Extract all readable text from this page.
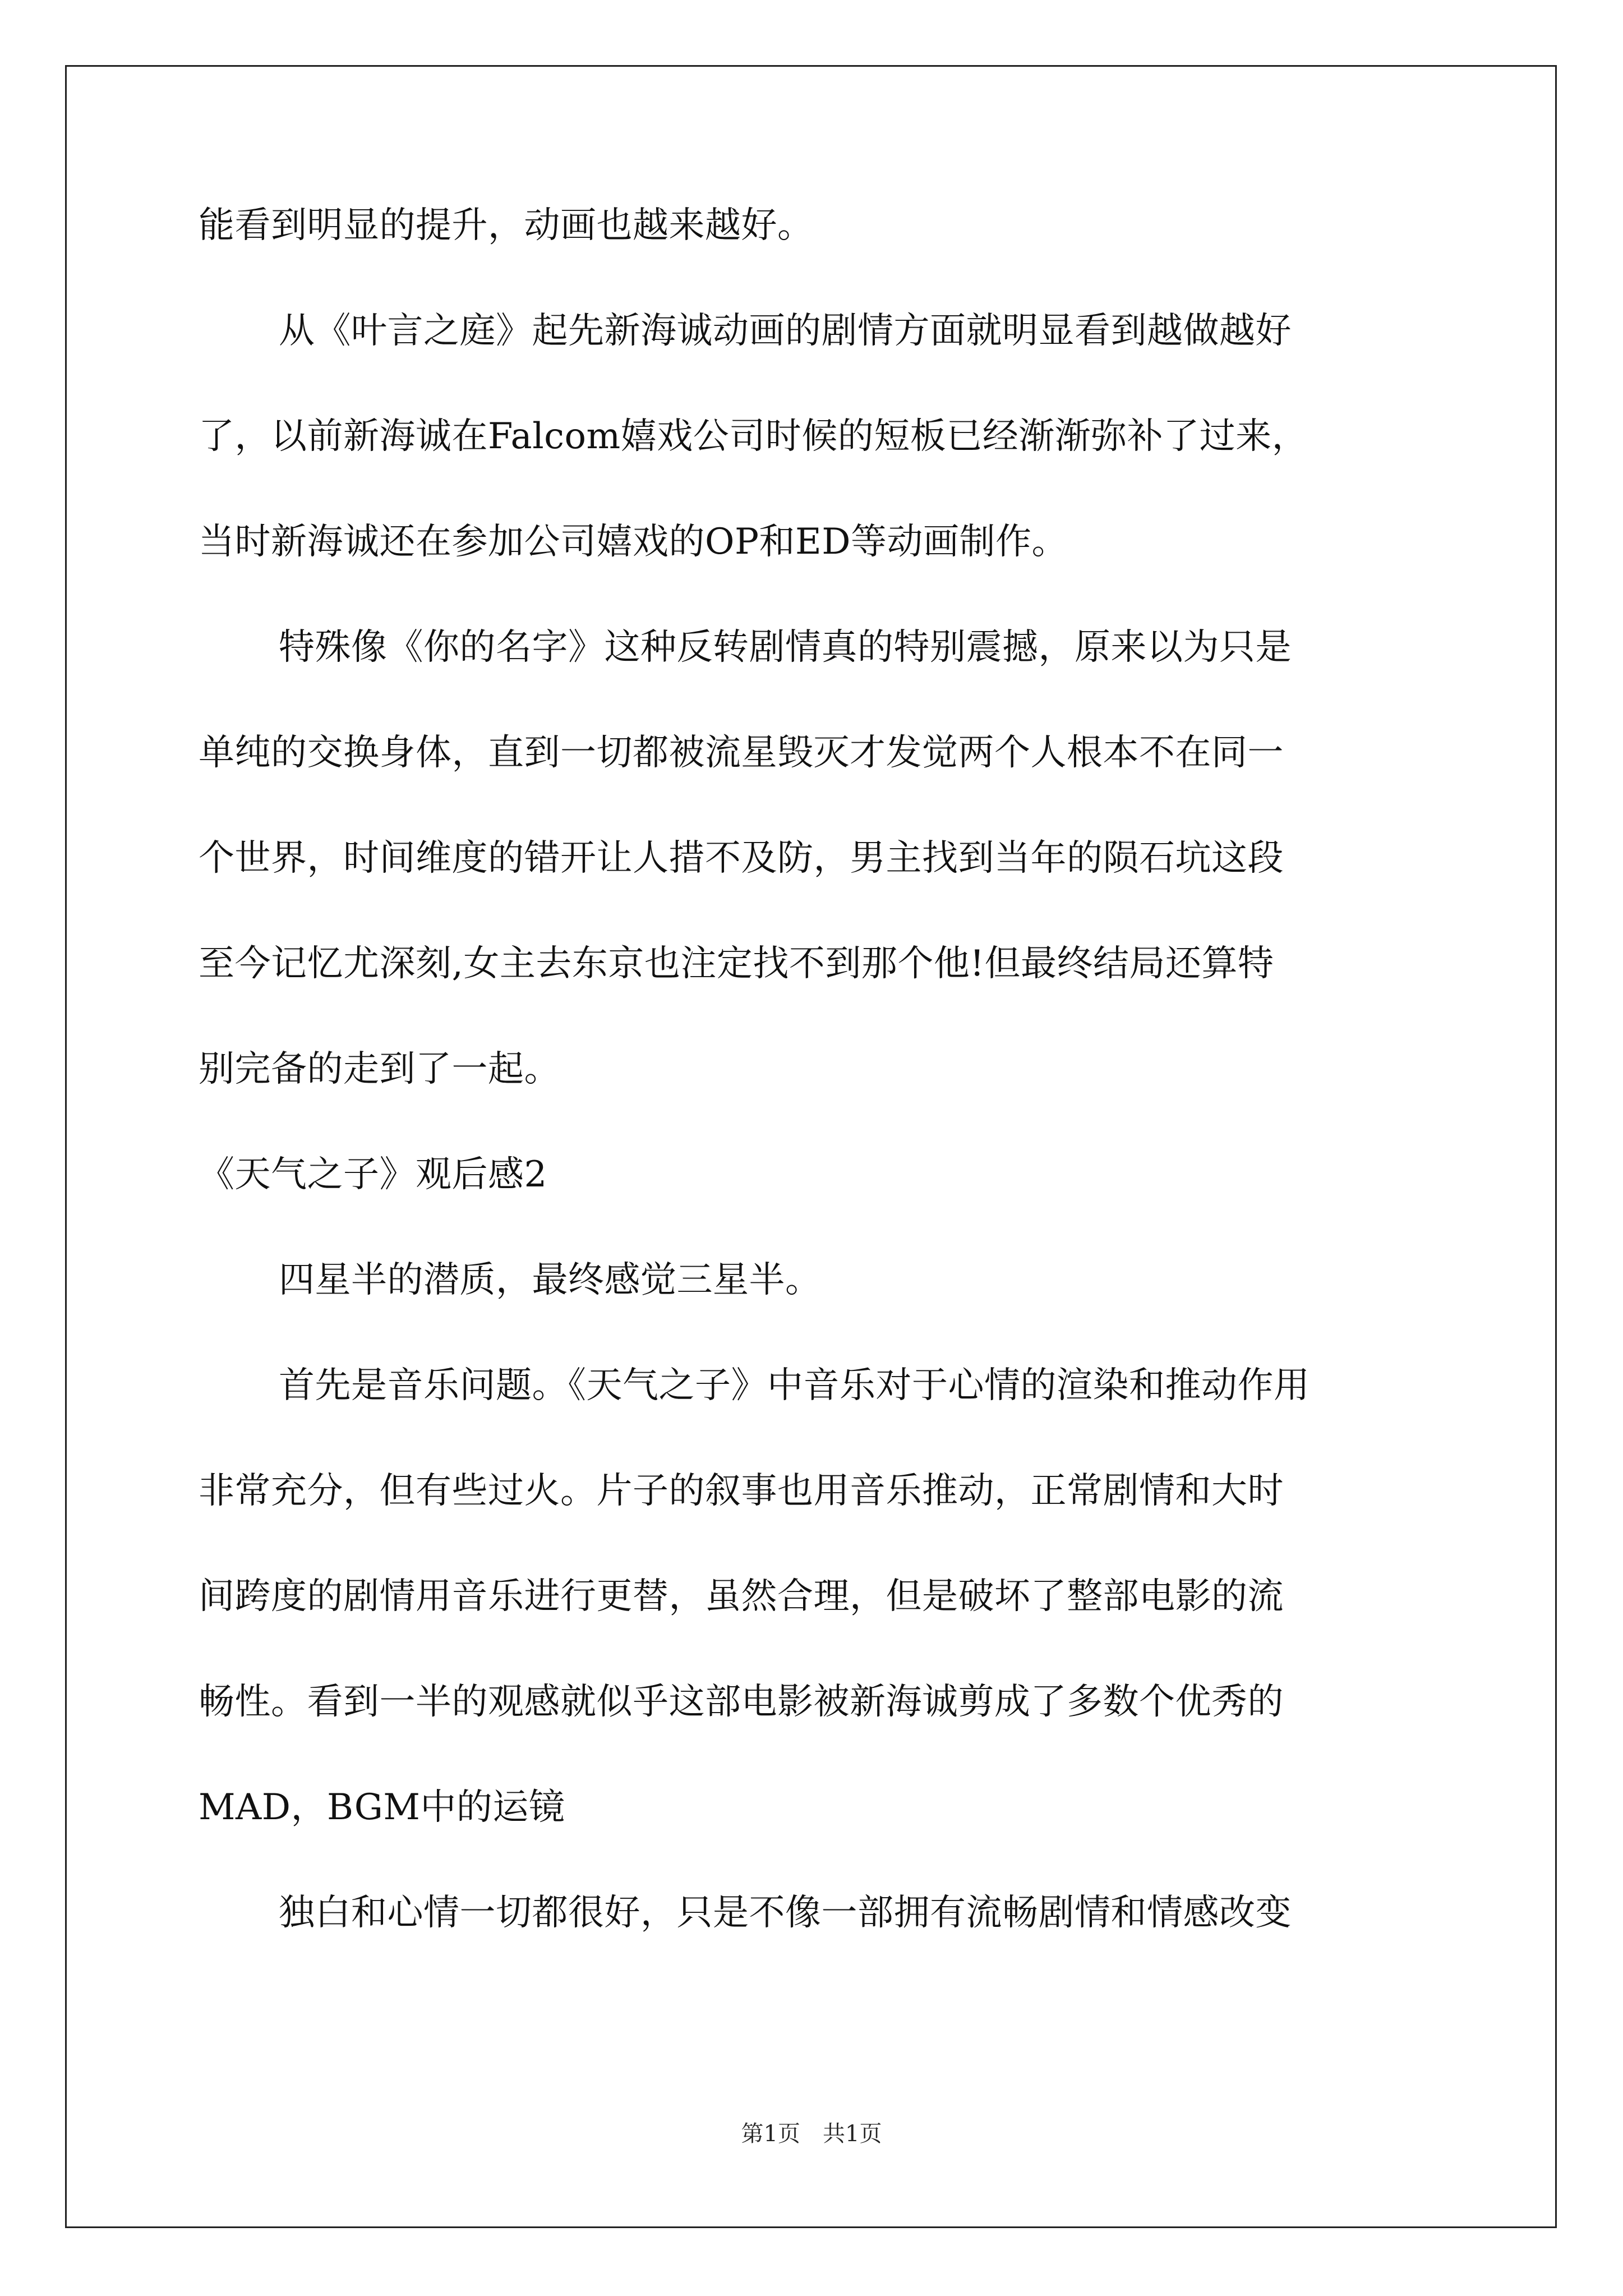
能看到明显的提升，动画也越来越好。
从《叶言之庭》起先新海诚动画的剧情方面就明显看到越做越好
了，以前新海诚在Falcom嬉戏公司时候的短板已经渐渐弥补了过来，
当时新海诚还在参加公司嬉戏的OP和ED等动画制作。
特殊像《你的名字》这种反转剧情真的特别震撼，原来以为只是
单纯的交换身体，直到一切都被流星毁灭才发觉两个人根本不在同一
个世界，时间维度的错开让人措不及防，男主找到当年的陨石坑这段
至今记忆尤深刻,女主去东京也注定找不到那个他!但最终结局还算特
别完备的走到了一起。
《天气之子》观后感2
四星半的潜质，最终感觉三星半。
首先是音乐问题。《天气之子》中音乐对于心情的渲染和推动作用
非常充分，但有些过火。片子的叙事也用音乐推动，正常剧情和大时
间跨度的剧情用音乐进行更替，虽然合理，但是破坏了整部电影的流
畅性。看到一半的观感就似乎这部电影被新海诚剪成了多数个优秀的
MAD，BGM中的运镜
独白和心情一切都很好，只是不像一部拥有流畅剧情和情感改变
第1页　共1页
